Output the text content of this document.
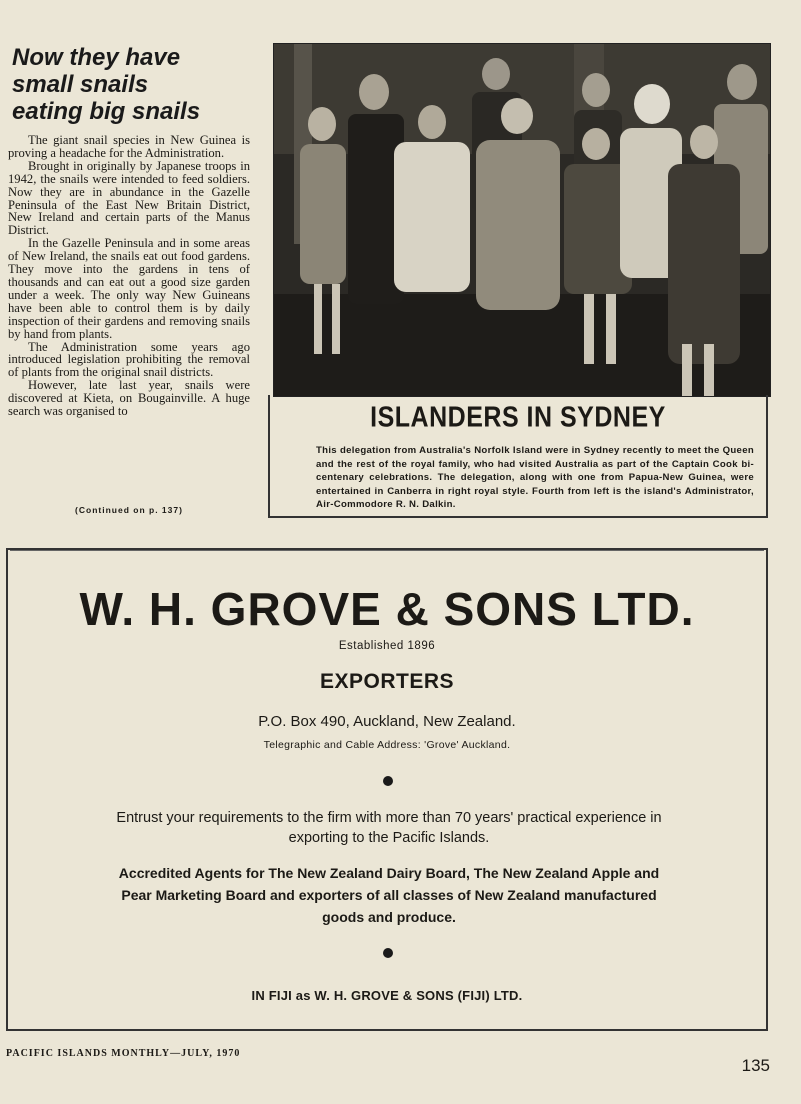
Now they have
small snails
eating big snails

The giant snail species in New Guinea is proving a headache for the Administration.

Brought in originally by Japanese troops in 1942, the snails were intended to feed soldiers. Now they are in abundance in the Gazelle Peninsula of the East New Britain District, New Ireland and certain parts of the Manus District.

In the Gazelle Peninsula and in some areas of New Ireland, the snails eat out food gardens. They move into the gardens in tens of thousands and can eat out a good size garden under a week. The only way New Guineans have been able to control them is by daily inspection of their gardens and removing snails by hand from plants.

The Administration some years ago introduced legislation prohibiting the removal of plants from the original snail districts.

However, late last year, snails were discovered at Kieta, on Bougainville. A huge search was organised to

(Continued on p. 137)
ISLANDERS IN SYDNEY

This delegation from Australia's Norfolk Island were in Sydney recently to meet the Queen and the rest of the royal family, who had visited Australia as part of the Captain Cook bi-centenary celebrations. The delegation, along with one from Papua-New Guinea, were entertained in Canberra in right royal style. Fourth from left is the island's Administrator, Air-Commodore R. N. Dalkin.

W. H. GROVE & SONS LTD.
Established 1896
EXPORTERS
P.O. Box 490, Auckland, New Zealand.
Telegraphic and Cable Address: 'Grove' Auckland.
Entrust your requirements to the firm with more than 70 years' practical experience in exporting to the Pacific Islands.
Accredited Agents for The New Zealand Dairy Board, The New Zealand Apple and Pear Marketing Board and exporters of all classes of New Zealand manufactured goods and produce.
IN FIJI as W. H. GROVE & SONS (FIJI) LTD.
PACIFIC ISLANDS MONTHLY—JULY, 1970
135
